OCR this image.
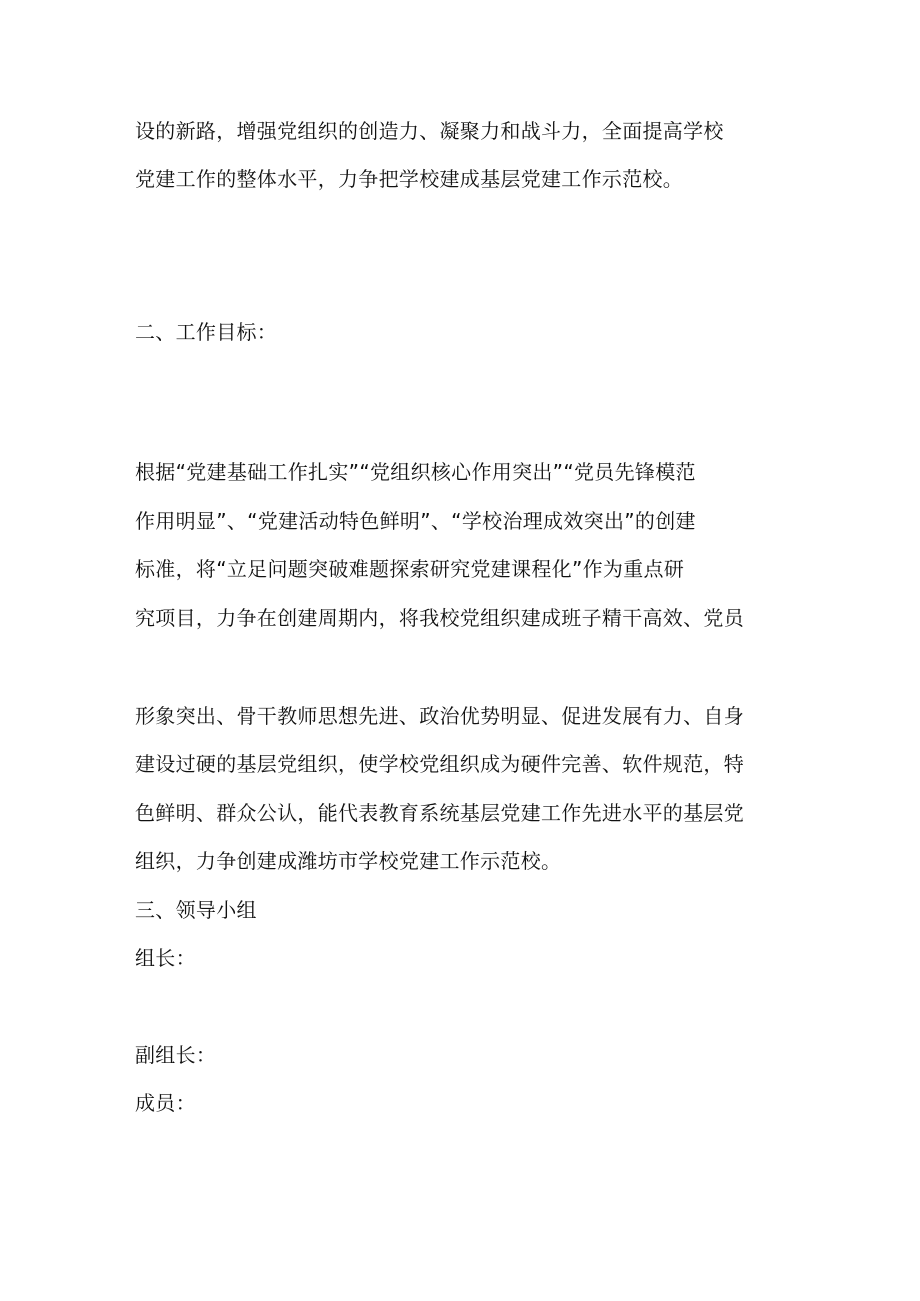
设的新路，增强党组织的创造力、凝聚力和战斗力，全面提高学校

党建工作的整体水平，力争把学校建成基层党建工作示范校。

二、工作目标：

根据“党建基础工作扎实”“党组织核心作用突出”“党员先锋模范

作用明显”、“党建活动特色鲜明”、“学校治理成效突出”的创建

标准，将“立足问题突破难题探索研究党建课程化”作为重点研

究项目，力争在创建周期内，将我校党组织建成班子精干高效、党员

形象突出、骨干教师思想先进、政治优势明显、促进发展有力、自身

建设过硬的基层党组织，使学校党组织成为硬件完善、软件规范，特

色鲜明、群众公认，能代表教育系统基层党建工作先进水平的基层党

组织，力争创建成潍坊市学校党建工作示范校。

三、领导小组

组长：

副组长：

成员：
